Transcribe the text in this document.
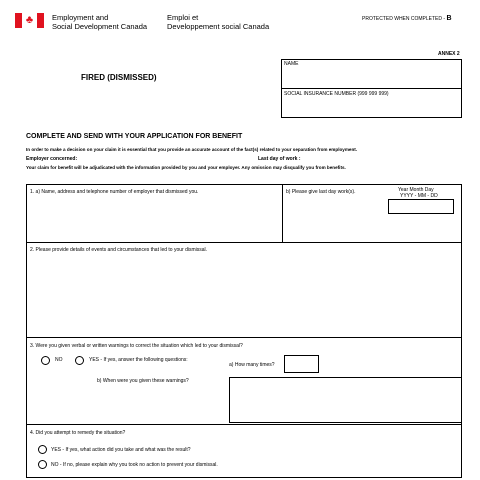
♣	Employment and
Social Development Canada
Emploi et
Developpement social Canada
PROTECTED WHEN COMPLETED - B
ANNEX 2
FIRED (DISMISSED)
NAME
SOCIAL INSURANCE NUMBER (999 999 999)
COMPLETE AND SEND WITH YOUR APPLICATION FOR BENEFIT
In order to make a decision on your claim it is essential that you provide an accurate account of the fact(s) related to your separation from employment.
Employer concerned:	Last day of work :
Your claim for benefit will be adjudicated with the information provided by you and your employer. Any omission may disqualify you from benefits.
1. a) Name, address and telephone number of employer that dismissed you.	b) Please give last day work(s).	Year Month Day
YYYY - MM - DD
2. Please provide details of events and circumstances that led to your dismissal.
3. Were you given verbal or written warnings to correct the situation which led to your dismissal?
NO	YES - If yes, answer the following questions:
a) How many times?
b) When were you given these warnings?
4. Did you attempt to remedy the situation?
YES - If yes, what action did you take and what was the result?
NO - If no, please explain why you took no action to prevent your dismissal.
